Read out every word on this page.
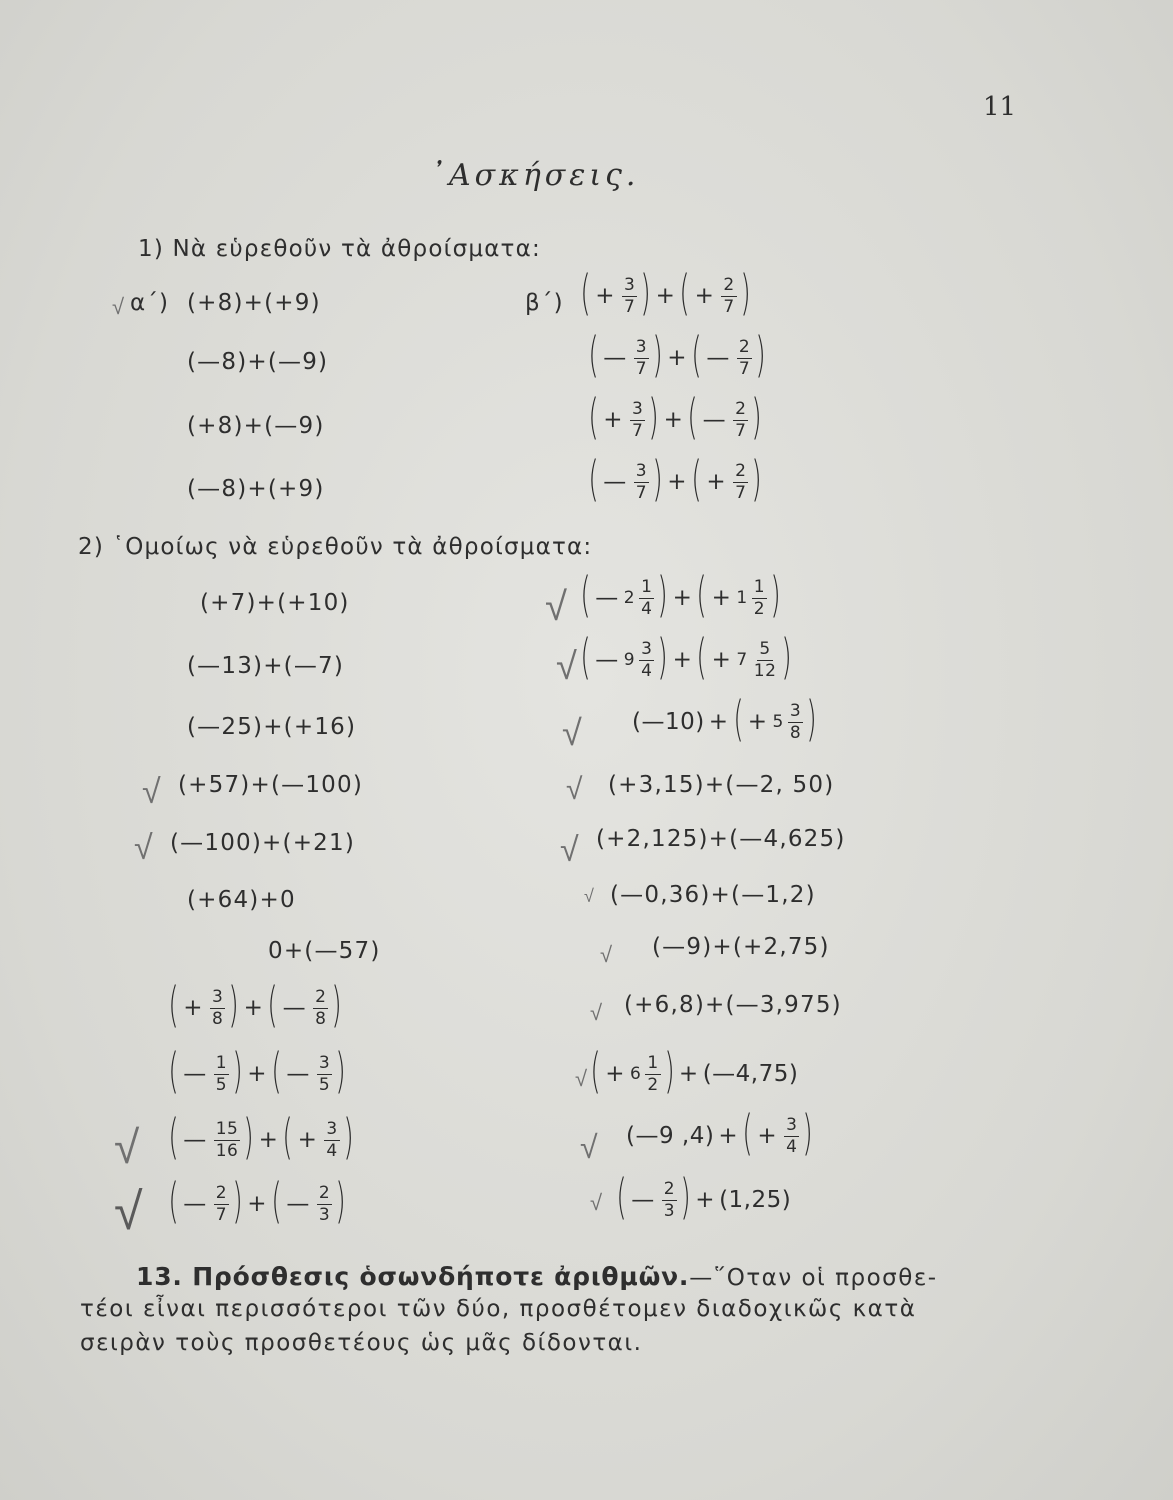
11
᾿Ασκήσεις.
1) Νὰ εὑρεθοῦν τὰ ἀθροίσματα:
√ α΄) (+8)+(+9)
(—8)+(—9)
(+8)+(—9)
(—8)+(+9)
β΄) ( + $\frac{3}{7}$ ) + ( + $\frac{2}{7}$ )
( — $\frac{3}{7}$ ) + ( — $\frac{2}{7}$ )
( + $\frac{3}{7}$ ) + ( — $\frac{2}{7}$ )
( — $\frac{3}{7}$ ) + ( + $\frac{2}{7}$ )
2) ῾Ομοίως νὰ εὑρεθοῦν τὰ ἀθροίσματα:
(+7)+(+10)
(—13)+(—7)
(—25)+(+16)
√ (+57)+(—100)
√ (—100)+(+21)
(+64)+0
0+(—57)
( + $\frac{3}{8}$ ) + ( — $\frac{2}{8}$ )
( — $\frac{1}{5}$ ) + ( — $\frac{3}{5}$ )
√ ( — $\frac{15}{16}$ ) + ( + $\frac{3}{4}$ )
√ ( — $\frac{2}{7}$ ) + ( — $\frac{2}{3}$ )
√ ( — $2 \frac{1}{4}$ ) + ( + $1 \frac{1}{2}$ )
√ ( — $9 \frac{3}{4}$ ) + ( + $7 \frac{5}{12}$ )
√ (—10) + ( + $5 \frac{3}{8}$ )
√ (+3,15)+(—2, 50)
√ (+2,125)+(—4,625)
√ (—0,36)+(—1,2)
√ (—9)+(+2,75)
√ (+6,8)+(—3,975)
√ ( + $6 \frac{1}{2}$ ) + (—4,75)
√ (—9 ,4) + ( + $\frac{3}{4}$ )
√ ( — $\frac{2}{3}$ ) + (1,25)
13. Πρόσθεσις ὁσωνδήποτε ἀριθμῶν.—῞Οταν οἱ προσθε-
τέοι εἶναι περισσότεροι τῶν δύο, προσθέτομεν διαδοχικῶς κατὰ
σειρὰν τοὺς προσθετέους ὡς μᾶς δίδονται.
